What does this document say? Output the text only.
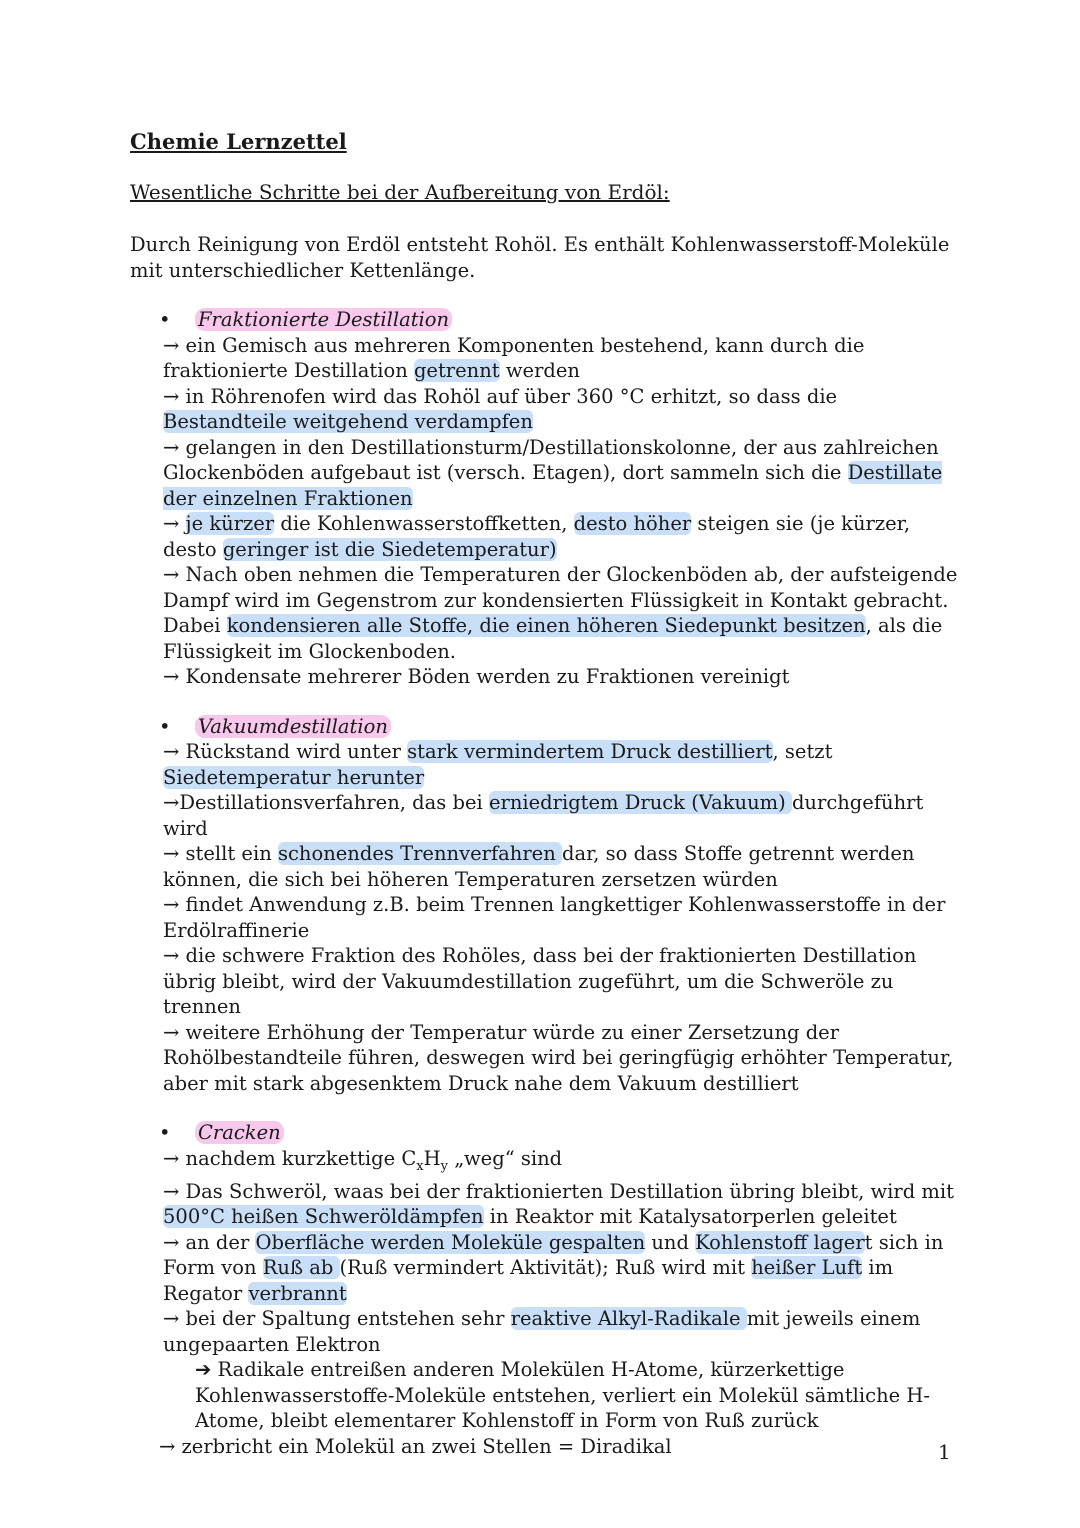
Chemie Lernzettel
Wesentliche Schritte bei der Aufbereitung von Erdöl:
Durch Reinigung von Erdöl entsteht Rohöl. Es enthält Kohlenwasserstoff-Moleküle mit unterschiedlicher Kettenlänge.
• Fraktionierte Destillation
→ ein Gemisch aus mehreren Komponenten bestehend, kann durch die fraktionierte Destillation getrennt werden
→ in Röhrenofen wird das Rohöl auf über 360 °C erhitzt, so dass die Bestandteile weitgehend verdampfen
→ gelangen in den Destillationsturm/Destillationskolonne, der aus zahlreichen Glockenböden aufgebaut ist (versch. Etagen), dort sammeln sich die Destillate der einzelnen Fraktionen
→ je kürzer die Kohlenwasserstoffketten, desto höher steigen sie (je kürzer, desto geringer ist die Siedetemperatur)
→ Nach oben nehmen die Temperaturen der Glockenböden ab, der aufsteigende Dampf wird im Gegenstrom zur kondensierten Flüssigkeit in Kontakt gebracht. Dabei kondensieren alle Stoffe, die einen höheren Siedepunkt besitzen, als die Flüssigkeit im Glockenboden.
→ Kondensate mehrerer Böden werden zu Fraktionen vereinigt
• Vakuumdestillation
→ Rückstand wird unter stark vermindertem Druck destilliert, setzt Siedetemperatur herunter
→Destillationsverfahren, das bei erniedrigtem Druck (Vakuum) durchgeführt wird
→ stellt ein schonendes Trennverfahren dar, so dass Stoffe getrennt werden können, die sich bei höheren Temperaturen zersetzen würden
→ findet Anwendung z.B. beim Trennen langkettiger Kohlenwasserstoffe in der Erdölraffinerie
→ die schwere Fraktion des Rohöles, dass bei der fraktionierten Destillation übrig bleibt, wird der Vakuumdestillation zugeführt, um die Schweröle zu trennen
→ weitere Erhöhung der Temperatur würde zu einer Zersetzung der Rohölbestandteile führen, deswegen wird bei geringfügig erhöhter Temperatur, aber mit stark abgesenktem Druck nahe dem Vakuum destilliert
• Cracken
→ nachdem kurzkettige $C_xH_y$ „weg“ sind
→ Das Schweröl, waas bei der fraktionierten Destillation übring bleibt, wird mit 500°C heißen Schweröldämpfen in Reaktor mit Katalysatorperlen geleitet
→ an der Oberfläche werden Moleküle gespalten und Kohlenstoff lagert sich in Form von Ruß ab (Ruß vermindert Aktivität); Ruß wird mit heißer Luft im Regator verbrannt
→ bei der Spaltung entstehen sehr reaktive Alkyl-Radikale mit jeweils einem ungepaarten Elektron
➔ Radikale entreißen anderen Molekülen H-Atome, kürzerkettige Kohlenwasserstoffe-Moleküle entstehen, verliert ein Molekül sämtliche H-Atome, bleibt elementarer Kohlenstoff in Form von Ruß zurück
→ zerbricht ein Molekül an zwei Stellen = Diradikal	1
